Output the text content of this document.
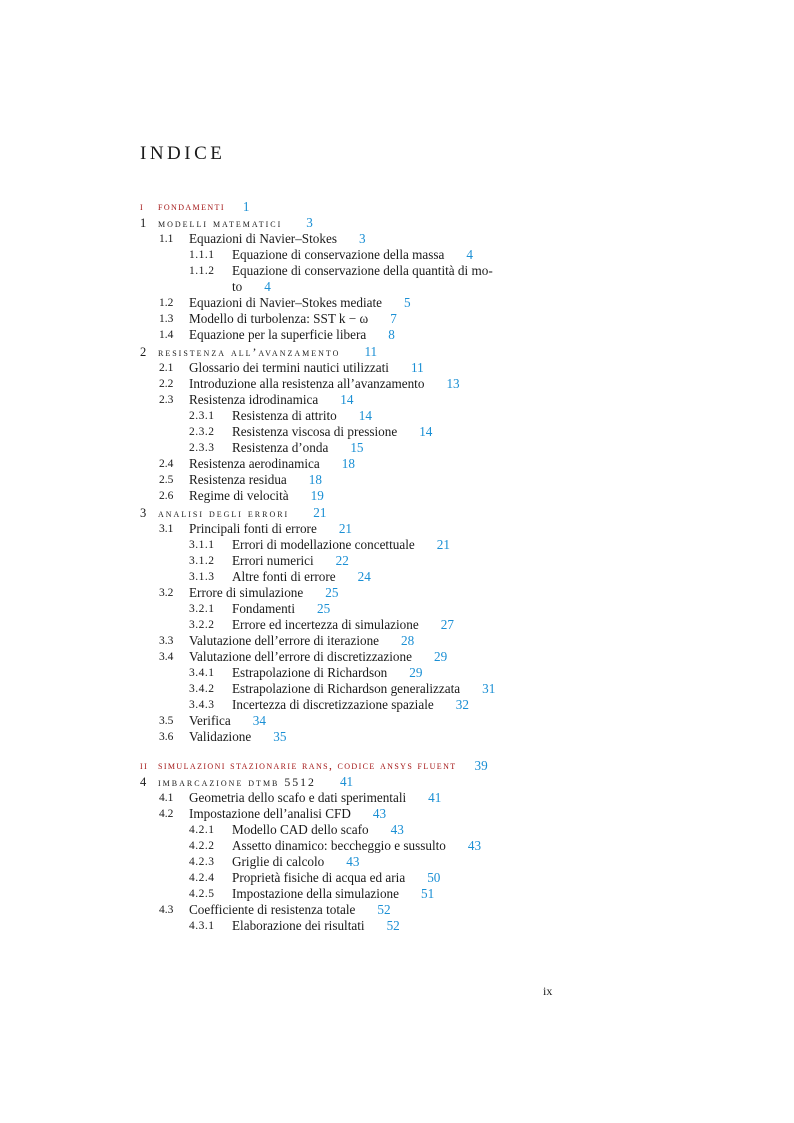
INDICE
i fondamenti 1
1 modelli matematici 3
1.1 Equazioni di Navier–Stokes 3
1.1.1 Equazione di conservazione della massa 4
1.1.2 Equazione di conservazione della quantità di mo-
to 4
1.2 Equazioni di Navier–Stokes mediate 5
1.3 Modello di turbolenza: SST k − ω 7
1.4 Equazione per la superficie libera 8
2 resistenza all’avanzamento 11
2.1 Glossario dei termini nautici utilizzati 11
2.2 Introduzione alla resistenza all’avanzamento 13
2.3 Resistenza idrodinamica 14
2.3.1 Resistenza di attrito 14
2.3.2 Resistenza viscosa di pressione 14
2.3.3 Resistenza d’onda 15
2.4 Resistenza aerodinamica 18
2.5 Resistenza residua 18
2.6 Regime di velocità 19
3 analisi degli errori 21
3.1 Principali fonti di errore 21
3.1.1 Errori di modellazione concettuale 21
3.1.2 Errori numerici 22
3.1.3 Altre fonti di errore 24
3.2 Errore di simulazione 25
3.2.1 Fondamenti 25
3.2.2 Errore ed incertezza di simulazione 27
3.3 Valutazione dell’errore di iterazione 28
3.4 Valutazione dell’errore di discretizzazione 29
3.4.1 Estrapolazione di Richardson 29
3.4.2 Estrapolazione di Richardson generalizzata 31
3.4.3 Incertezza di discretizzazione spaziale 32
3.5 Verifica 34
3.6 Validazione 35
ii simulazioni stazionarie rans, codice ansys fluent 39
4 imbarcazione dtmb 5512 41
4.1 Geometria dello scafo e dati sperimentali 41
4.2 Impostazione dell’analisi CFD 43
4.2.1 Modello CAD dello scafo 43
4.2.2 Assetto dinamico: beccheggio e sussulto 43
4.2.3 Griglie di calcolo 43
4.2.4 Proprietà fisiche di acqua ed aria 50
4.2.5 Impostazione della simulazione 51
4.3 Coefficiente di resistenza totale 52
4.3.1 Elaborazione dei risultati 52
ix
